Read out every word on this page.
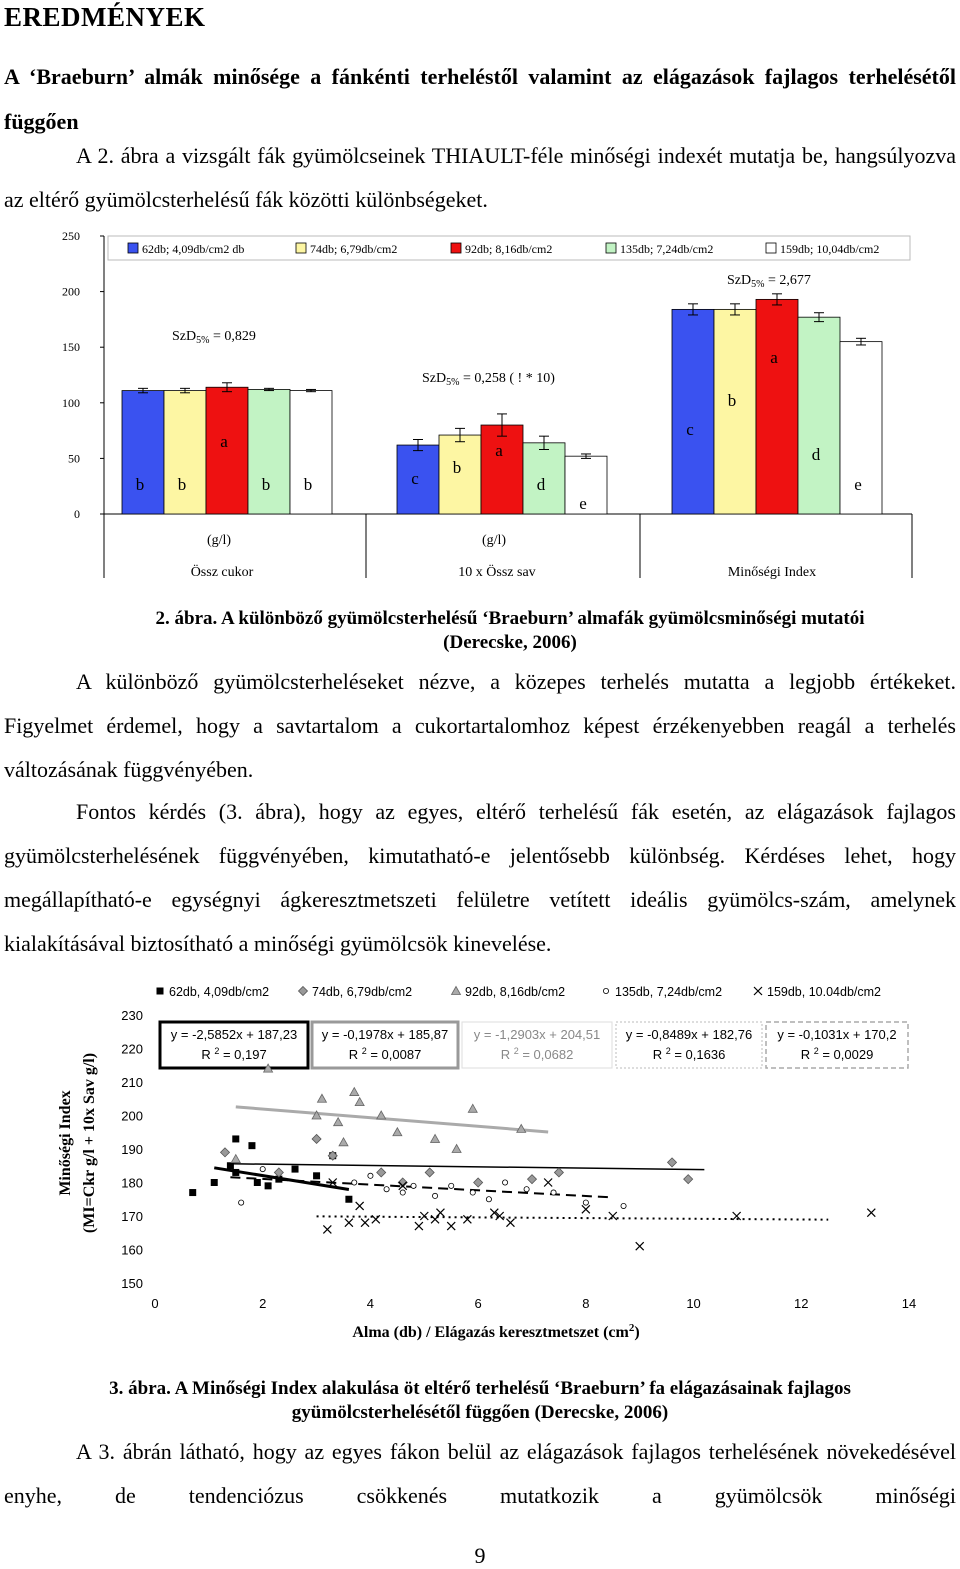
EREDMÉNYEK
A ‘Braeburn’ almák minősége a fánkénti terheléstől valamint az elágazások fajlagos terhelésétől függően
A 2. ábra a vizsgált fák gyümölcseinek THIAULT-féle minőségi indexét mutatja be, hangsúlyozva az eltérő gyümölcsterhelésű fák közötti különbségeket.
0
50
100
150
200
250
62db; 4,09db/cm2 db	74db; 6,79db/cm2	92db; 8,16db/cm2	135db; 7,24db/cm2	159db; 10,04db/cm2
b b
a
b b
(g/l)
Össz cukor
c
b
a
d
e
(g/l)
10 x Össz sav
c
b
a
d
e
Minőségi Index
SzD$_{5\%}$ = 0,829
SzD$_{5\%}$ = 0,258 ( ! * 10)
SzD$_{5\%}$ = 2,677
2. ábra. A különböző gyümölcsterhelésű ‘Braeburn’ almafák gyümölcsminőségi mutatói
(Derecske, 2006)
A különböző gyümölcsterheléseket nézve, a közepes terhelés mutatta a legjobb értékeket. Figyelmet érdemel, hogy a savtartalom a cukortartalomhoz képest érzékenyebben reagál a terhelés változásának függvényében.
Fontos kérdés (3. ábra), hogy az egyes, eltérő terhelésű fák esetén, az elágazások fajlagos gyümölcsterhelésének függvényében, kimutatható-e jelentősebb különbség. Kérdéses lehet, hogy megállapítható-e egységnyi ágkeresztmetszeti felületre vetített ideális gyümölcs-szám, amelynek kialakításával biztosítható a minőségi gyümölcsök kinevelése.
150
160
170
180
190
200
210
220
230
0	2	4	6	8	10	12	14
Minőségi Index (MI=Ckr g/l + 10x Sav g/l)
Alma (db) / Elágazás keresztmetszet $(cm^2)$
62db, 4,09db/cm2	74db, 6,79db/cm2	92db, 8,16db/cm2	135db, 7,24db/cm2	159db, 10.04db/cm2
y = -2,5852x + 187,23
R $^2$ = 0,197
y = -0,1978x + 185,87
R $^2$ = 0,0087
y = -1,2903x + 204,51
R $^2$ = 0,0682
y = -0,8489x + 182,76
R $^2$ = 0,1636
y = -0,1031x + 170,2
R $^2$ = 0,0029
3. ábra. A Minőségi Index alakulása öt eltérő terhelésű ‘Braeburn’ fa elágazásainak fajlagos
gyümölcsterhelésétől függően (Derecske, 2006)
A 3. ábrán látható, hogy az egyes fákon belül az elágazások fajlagos terhelésének növekedésével enyhe, de tendenciózus csökkenés mutatkozik a gyümölcsök minőségi
9
